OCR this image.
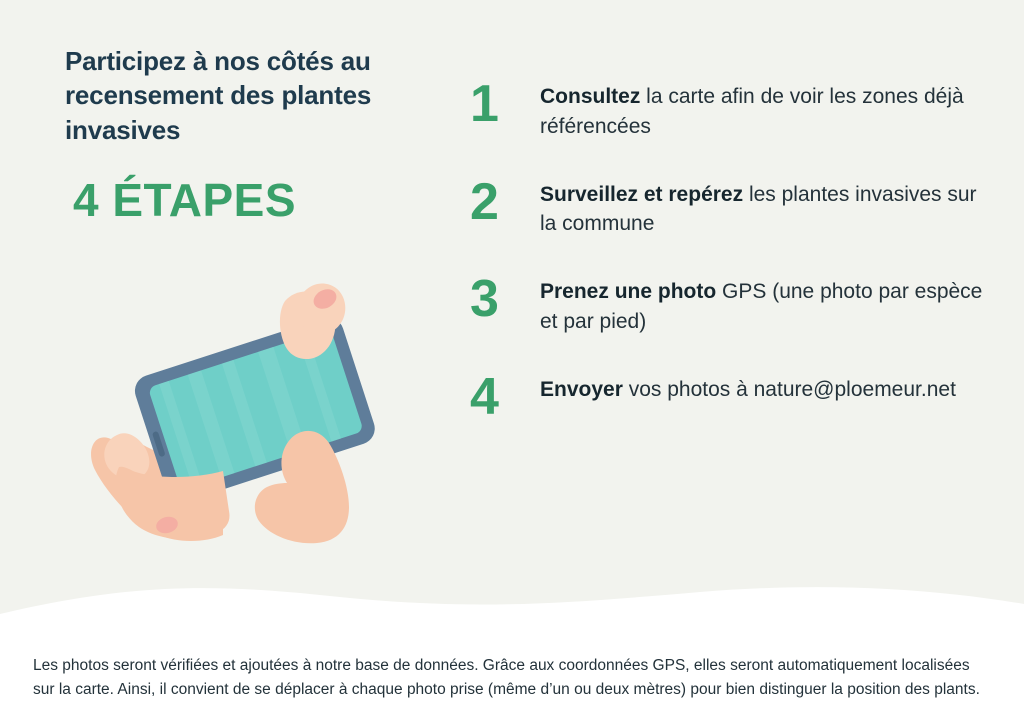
Participez à nos côtés au recensement des plantes invasives
4 ÉTAPES
1	Consultez la carte afin de voir les zones déjà référencées
2	Surveillez et repérez les plantes invasives sur la commune
3	Prenez une photo GPS (une photo par espèce et par pied)
4	Envoyer vos photos à nature@ploemeur.net
Les photos seront vérifiées et ajoutées à notre base de données. Grâce aux coordonnées GPS, elles seront automatiquement localisées sur la carte. Ainsi, il convient de se déplacer à chaque photo prise (même d’un ou deux mètres) pour bien distinguer la position des plants.
